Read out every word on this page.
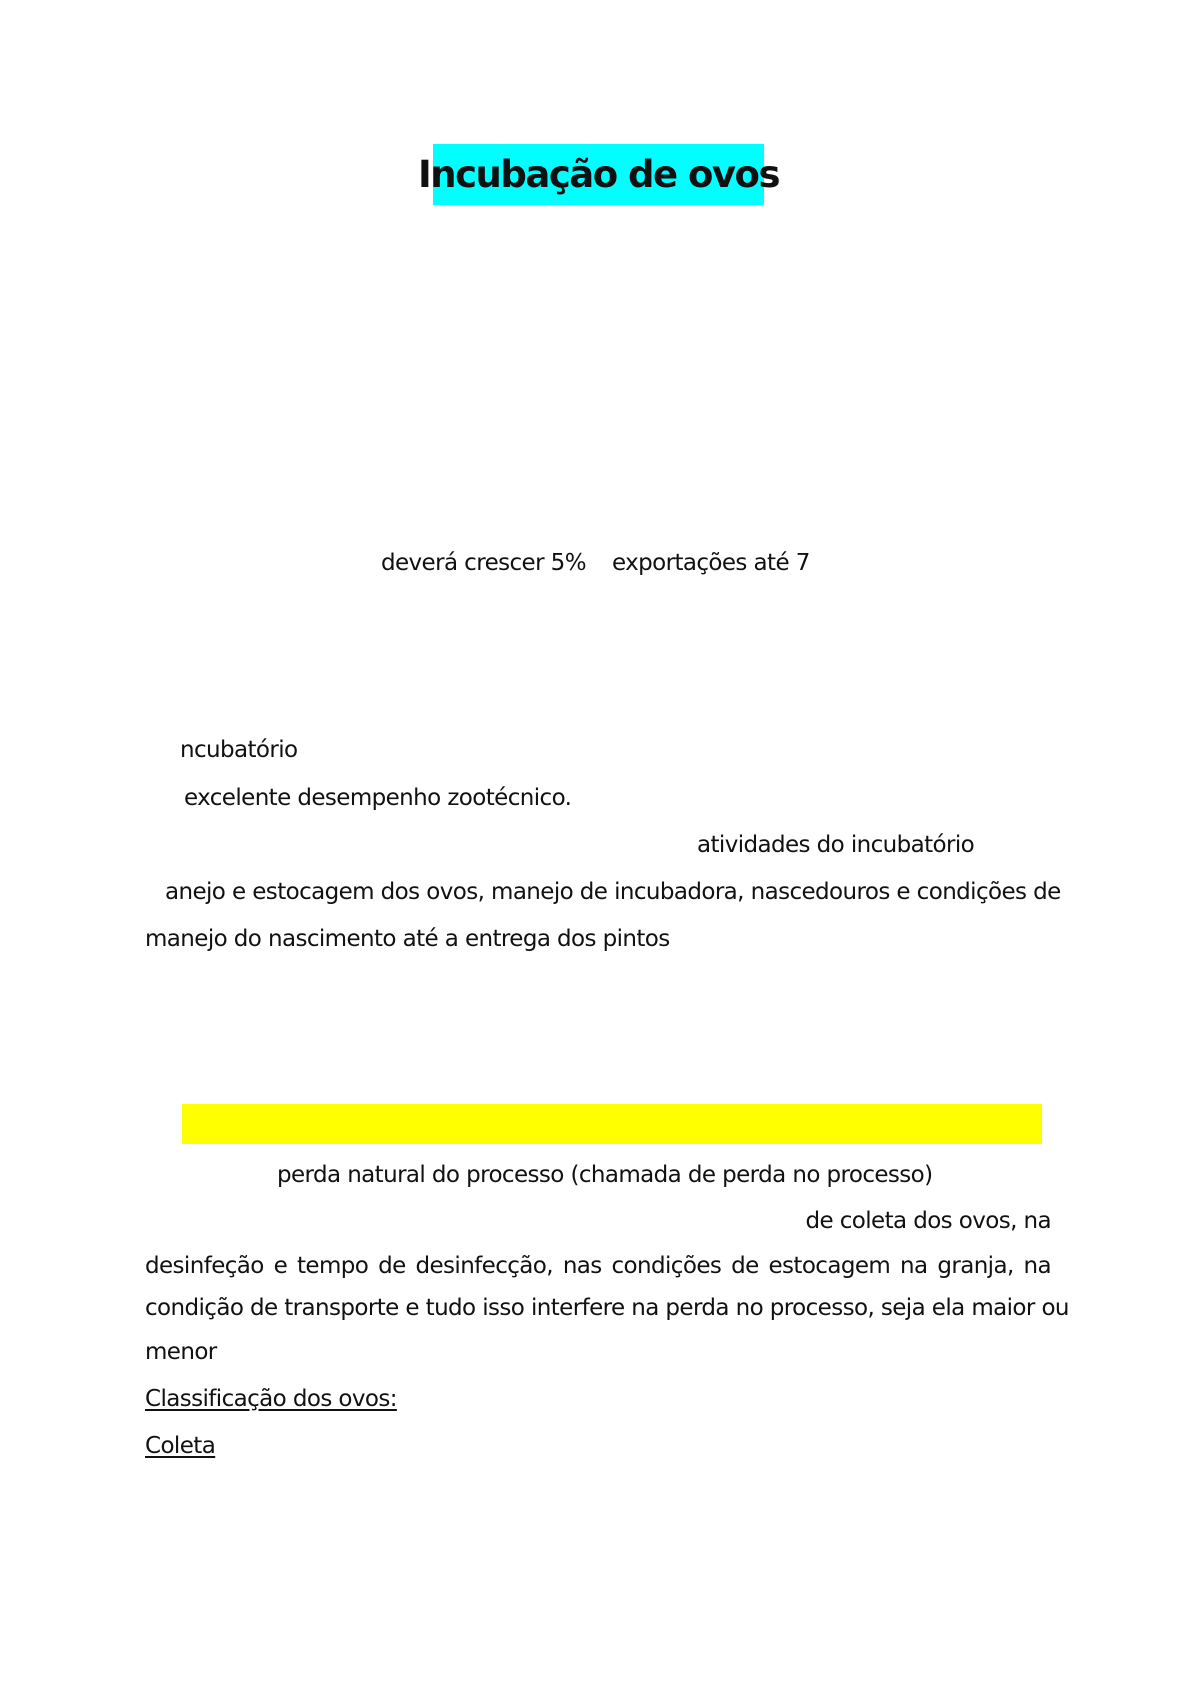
Incubação de ovos
deverá crescer 5% exportações até 7
ncubatório
excelente desempenho zootécnico.
atividades do incubatório
anejo e estocagem dos ovos, manejo de incubadora, nascedouros e condições de
manejo do nascimento até a entrega dos pintos
perda natural do processo (chamada de perda no processo)
de coleta dos ovos, na
desinfeção e tempo de desinfecção, nas condições de estocagem na granja, na
condição de transporte e tudo isso interfere na perda no processo, seja ela maior ou
menor
Classificação dos ovos:
Coleta
